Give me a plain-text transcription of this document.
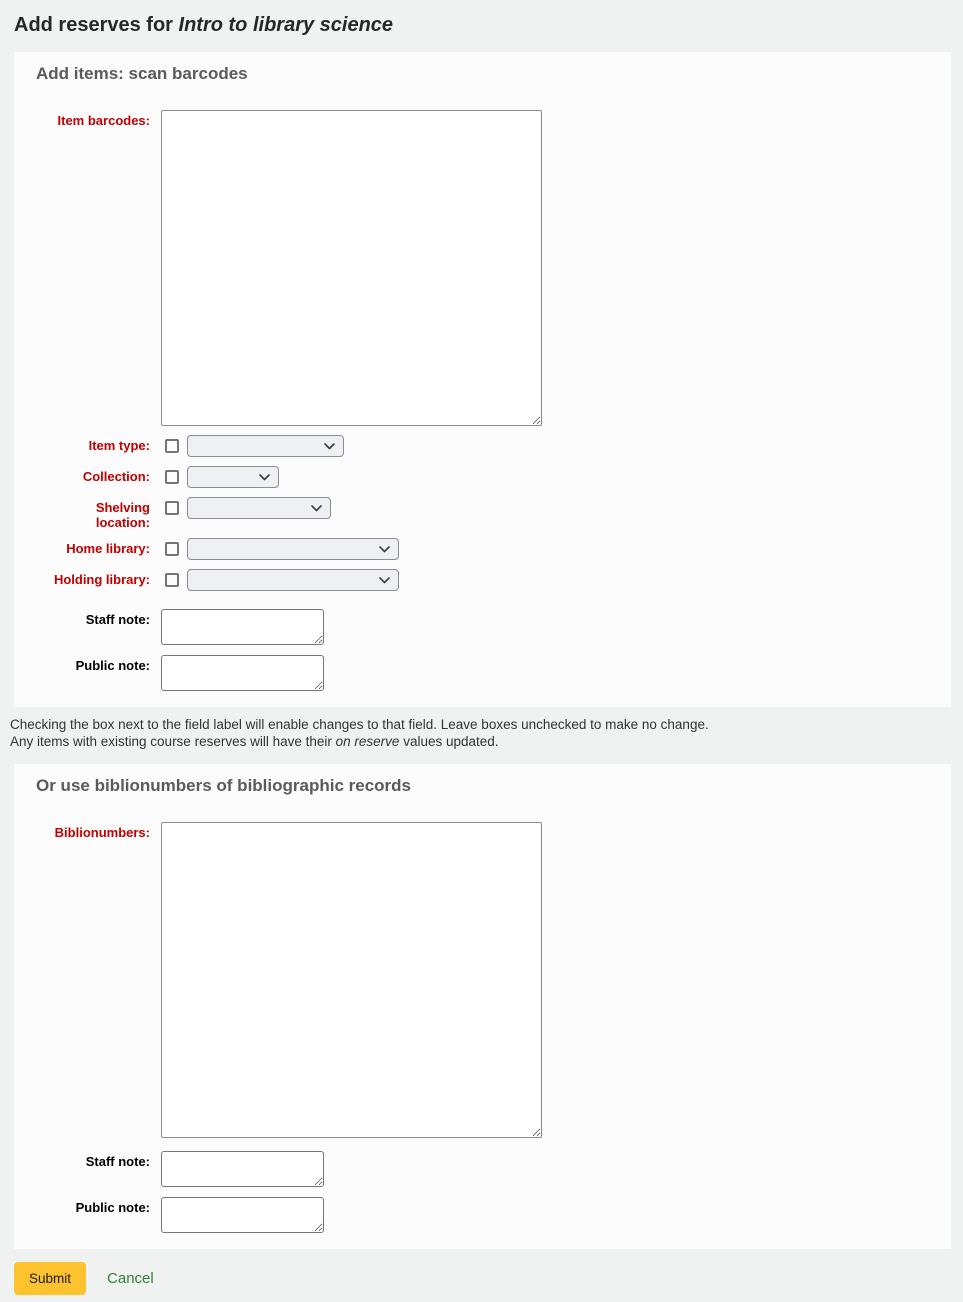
Add reserves for Intro to library science
Add items: scan barcodes
Item barcodes:
Item type:
Collection:
Shelving location:
Home library:
Holding library:
Staff note:
Public note:
Checking the box next to the field label will enable changes to that field. Leave boxes unchecked to make no change.
Any items with existing course reserves will have their on reserve values updated.
Or use biblionumbers of bibliographic records
Biblionumbers:
Staff note:
Public note:
Submit	Cancel
